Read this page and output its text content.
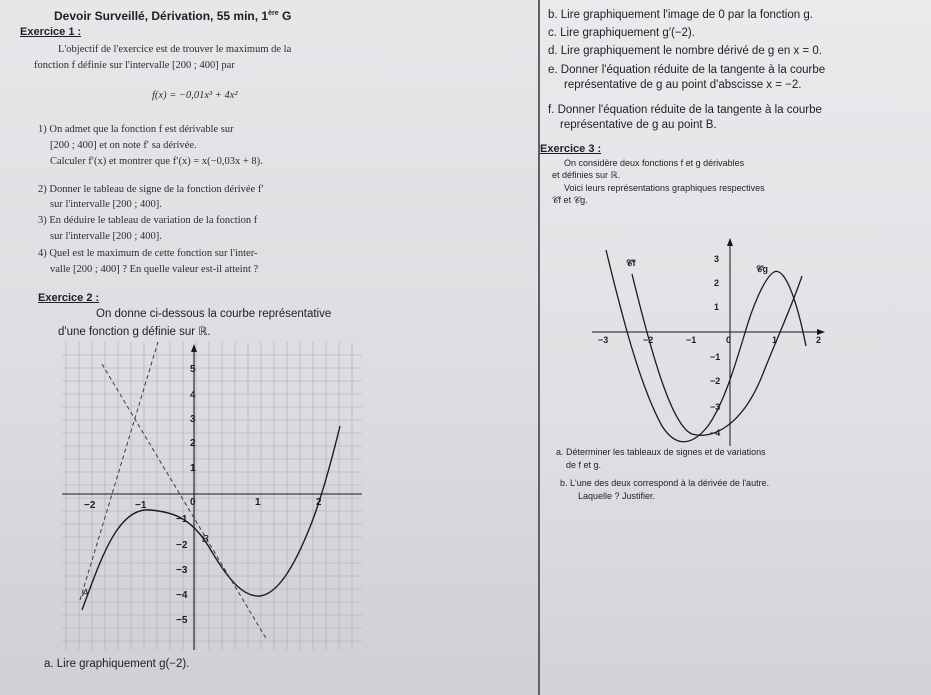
Devoir Surveillé, Dérivation, 55 min, 1ère G
Exercice 1 :
L'objectif de l'exercice est de trouver le maximum de la
fonction f définie sur l'intervalle [200 ; 400] par
f(x) = −0,01x³ + 4x²
1) On admet que la fonction f est dérivable sur
[200 ; 400] et on note f′ sa dérivée.
Calculer f′(x) et montrer que f′(x) = x(−0,03x + 8).
2) Donner le tableau de signe de la fonction dérivée f′
sur l'intervalle [200 ; 400].
3) En déduire le tableau de variation de la fonction f
sur l'intervalle [200 ; 400].
4) Quel est le maximum de cette fonction sur l'inter-
valle [200 ; 400] ? En quelle valeur est-il atteint ?
Exercice 2 :
On donne ci-dessous la courbe représentative
d'une fonction g définie sur ℝ.
−2	−1	0	1	2
5
4
3
2
1
−1
−2
−3
−4
−5
A
B
a. Lire graphiquement g(−2).
b. Lire graphiquement l'image de 0 par la fonction g.
c. Lire graphiquement g′(−2).
d. Lire graphiquement le nombre dérivé de g en x = 0.
e. Donner l'équation réduite de la tangente à la courbe
représentative de g au point d'abscisse x = −2.
f. Donner l'équation réduite de la tangente à la courbe
représentative de g au point B.
Exercice 3 :
On considère deux fonctions f et g dérivables
et définies sur ℝ.
Voici leurs représentations graphiques respectives
𝒞f et 𝒞g.
−3	−2	−1	0	1	2
3
2
1
−1
−2
−3
−4
𝒞f
𝒞g
a. Déterminer les tableaux de signes et de variations
de f et g.
b. L'une des deux correspond à la dérivée de l'autre.
Laquelle ? Justifier.
